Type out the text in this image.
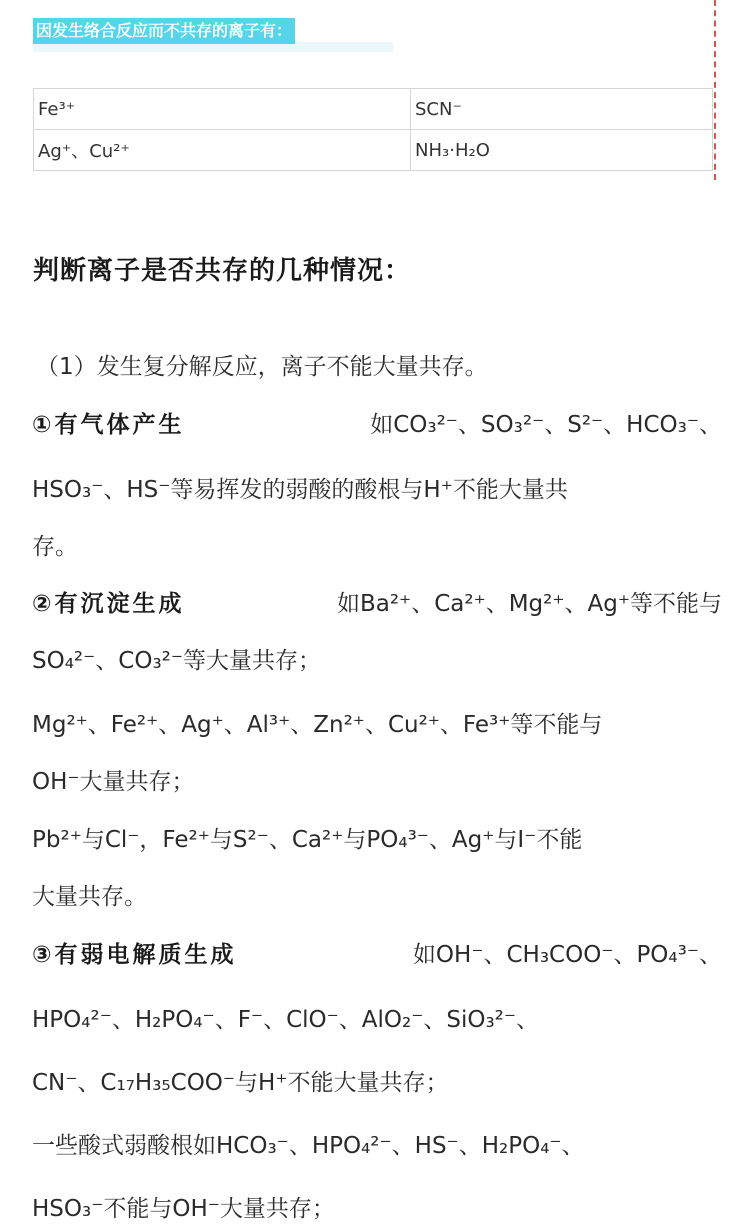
因发生络合反应而不共存的离子有：
Fe³⁺	SCN⁻
Ag⁺、Cu²⁺	NH₃·H₂O
判断离子是否共存的几种情况：
（1）发生复分解反应，离子不能大量共存。
①有气体产生	如CO₃²⁻、SO₃²⁻、S²⁻、HCO₃⁻、
HSO₃⁻、HS⁻等易挥发的弱酸的酸根与H⁺不能大量共
存。
②有沉淀生成	如Ba²⁺、Ca²⁺、Mg²⁺、Ag⁺等不能与
SO₄²⁻、CO₃²⁻等大量共存；
Mg²⁺、Fe²⁺、Ag⁺、Al³⁺、Zn²⁺、Cu²⁺、Fe³⁺等不能与
OH⁻大量共存；
Pb²⁺与Cl⁻，Fe²⁺与S²⁻、Ca²⁺与PO₄³⁻、Ag⁺与I⁻不能
大量共存。
③有弱电解质生成	如OH⁻、CH₃COO⁻、PO₄³⁻、
HPO₄²⁻、H₂PO₄⁻、F⁻、ClO⁻、AlO₂⁻、SiO₃²⁻、
CN⁻、C₁₇H₃₅COO⁻与H⁺不能大量共存；
一些酸式弱酸根如HCO₃⁻、HPO₄²⁻、HS⁻、H₂PO₄⁻、
HSO₃⁻不能与OH⁻大量共存；
